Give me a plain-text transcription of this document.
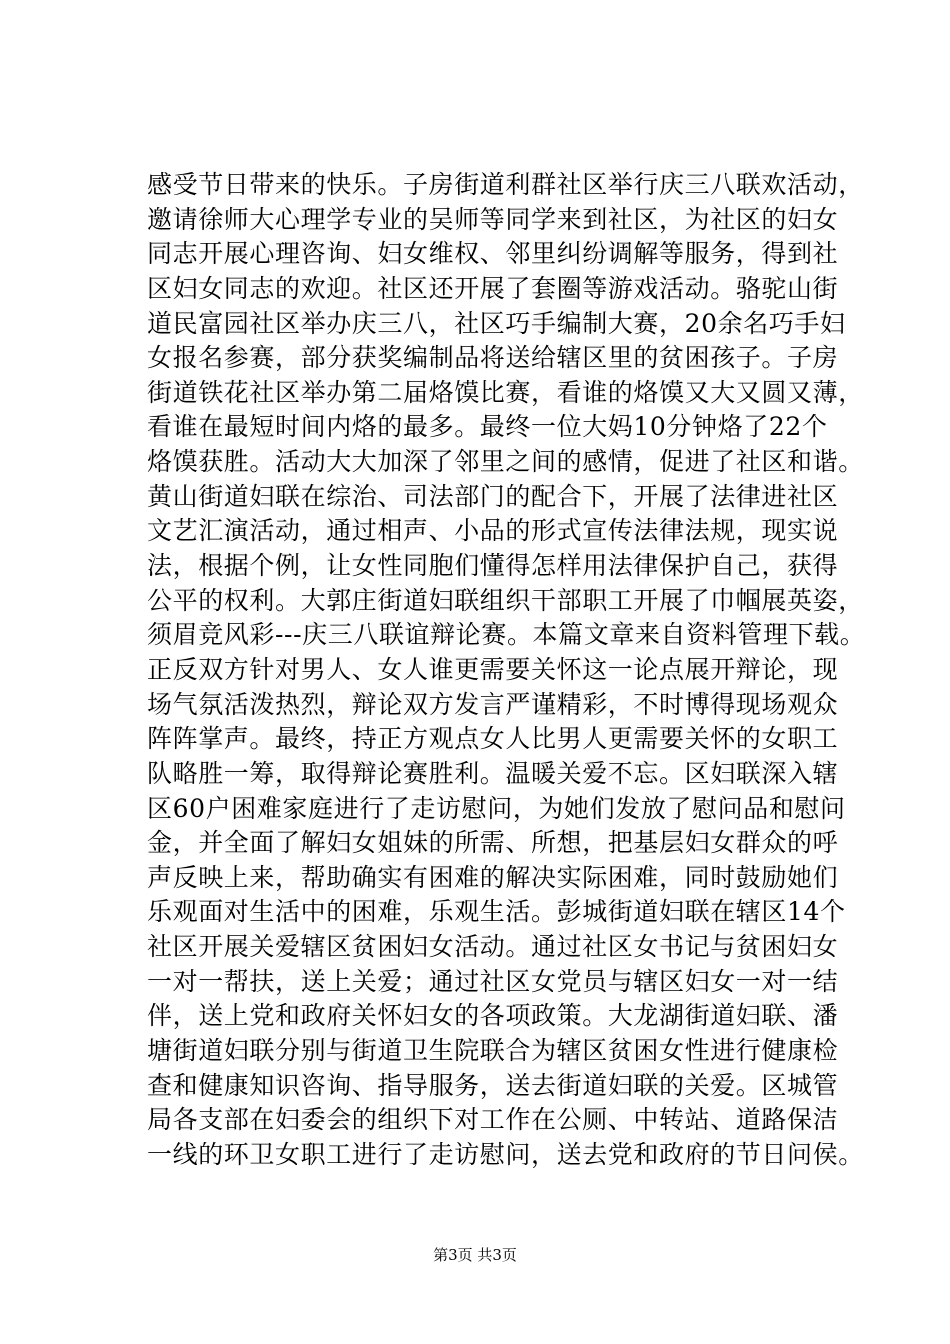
感受节日带来的快乐。子房街道利群社区举行庆三八联欢活动，
邀请徐师大心理学专业的吴师等同学来到社区，为社区的妇女
同志开展心理咨询、妇女维权、邻里纠纷调解等服务，得到社
区妇女同志的欢迎。社区还开展了套圈等游戏活动。骆驼山街
道民富园社区举办庆三八，社区巧手编制大赛，20余名巧手妇
女报名参赛，部分获奖编制品将送给辖区里的贫困孩子。子房
街道铁花社区举办第二届烙馍比赛，看谁的烙馍又大又圆又薄，
看谁在最短时间内烙的最多。最终一位大妈10分钟烙了22个
烙馍获胜。活动大大加深了邻里之间的感情，促进了社区和谐。
黄山街道妇联在综治、司法部门的配合下，开展了法律进社区
文艺汇演活动，通过相声、小品的形式宣传法律法规，现实说
法，根据个例，让女性同胞们懂得怎样用法律保护自己，获得
公平的权利。大郭庄街道妇联组织干部职工开展了巾帼展英姿，
须眉竞风彩---庆三八联谊辩论赛。本篇文章来自资料管理下载。
正反双方针对男人、女人谁更需要关怀这一论点展开辩论，现
场气氛活泼热烈，辩论双方发言严谨精彩，不时博得现场观众
阵阵掌声。最终，持正方观点女人比男人更需要关怀的女职工
队略胜一筹，取得辩论赛胜利。温暖关爱不忘。区妇联深入辖
区60户困难家庭进行了走访慰问，为她们发放了慰问品和慰问
金，并全面了解妇女姐妹的所需、所想，把基层妇女群众的呼
声反映上来，帮助确实有困难的解决实际困难，同时鼓励她们
乐观面对生活中的困难，乐观生活。彭城街道妇联在辖区14个
社区开展关爱辖区贫困妇女活动。通过社区女书记与贫困妇女
一对一帮扶，送上关爱；通过社区女党员与辖区妇女一对一结
伴，送上党和政府关怀妇女的各项政策。大龙湖街道妇联、潘
塘街道妇联分别与街道卫生院联合为辖区贫困女性进行健康检
查和健康知识咨询、指导服务，送去街道妇联的关爱。区城管
局各支部在妇委会的组织下对工作在公厕、中转站、道路保洁
一线的环卫女职工进行了走访慰问，送去党和政府的节日问侯。
第3页 共3页
